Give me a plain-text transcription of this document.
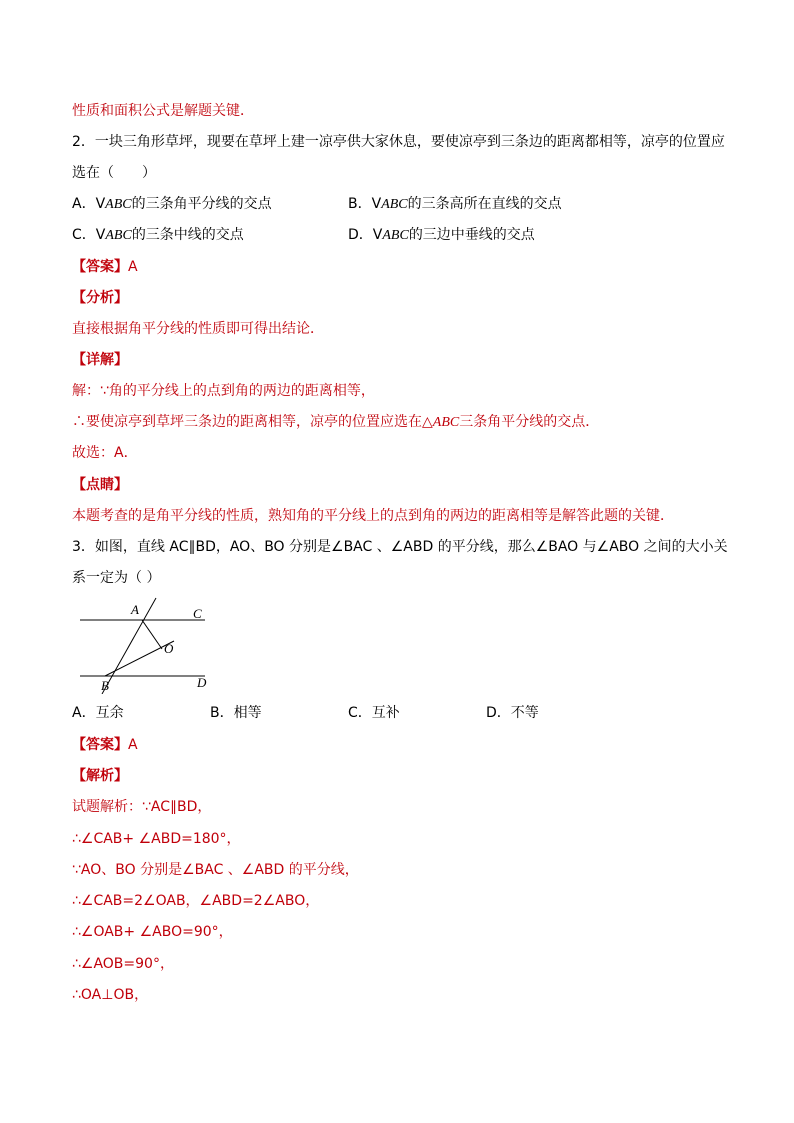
性质和面积公式是解题关键．
2．一块三角形草坪，现要在草坪上建一凉亭供大家休息，要使凉亭到三条边的距离都相等，凉亭的位置应
选在（　　）
A．VABC的三条角平分线的交点	B．VABC的三条高所在直线的交点
C．VABC的三条中线的交点	D．VABC的三边中垂线的交点
【答案】A
【分析】
直接根据角平分线的性质即可得出结论．
【详解】
解：∵角的平分线上的点到角的两边的距离相等，
∴要使凉亭到草坪三条边的距离相等，凉亭的位置应选在△ABC三条角平分线的交点．
故选：A．
【点睛】
本题考查的是角平分线的性质，熟知角的平分线上的点到角的两边的距离相等是解答此题的关键．
3．如图，直线 AC∥BD，AO、BO 分别是∠BAC 、∠ABD 的平分线，那么∠BAO 与∠ABO 之间的大小关
系一定为（ ）
A	C
O
B	D
A．互余	B．相等	C．互补	D．不等
【答案】A
【解析】
试题解析：∵AC∥BD，
∴∠CAB+ ∠ABD=180°，
∵AO、BO 分别是∠BAC 、∠ABD 的平分线，
∴∠CAB=2∠OAB，∠ABD=2∠ABO，
∴∠OAB+ ∠ABO=90°，
∴∠AOB=90°，
∴OA⊥OB，
